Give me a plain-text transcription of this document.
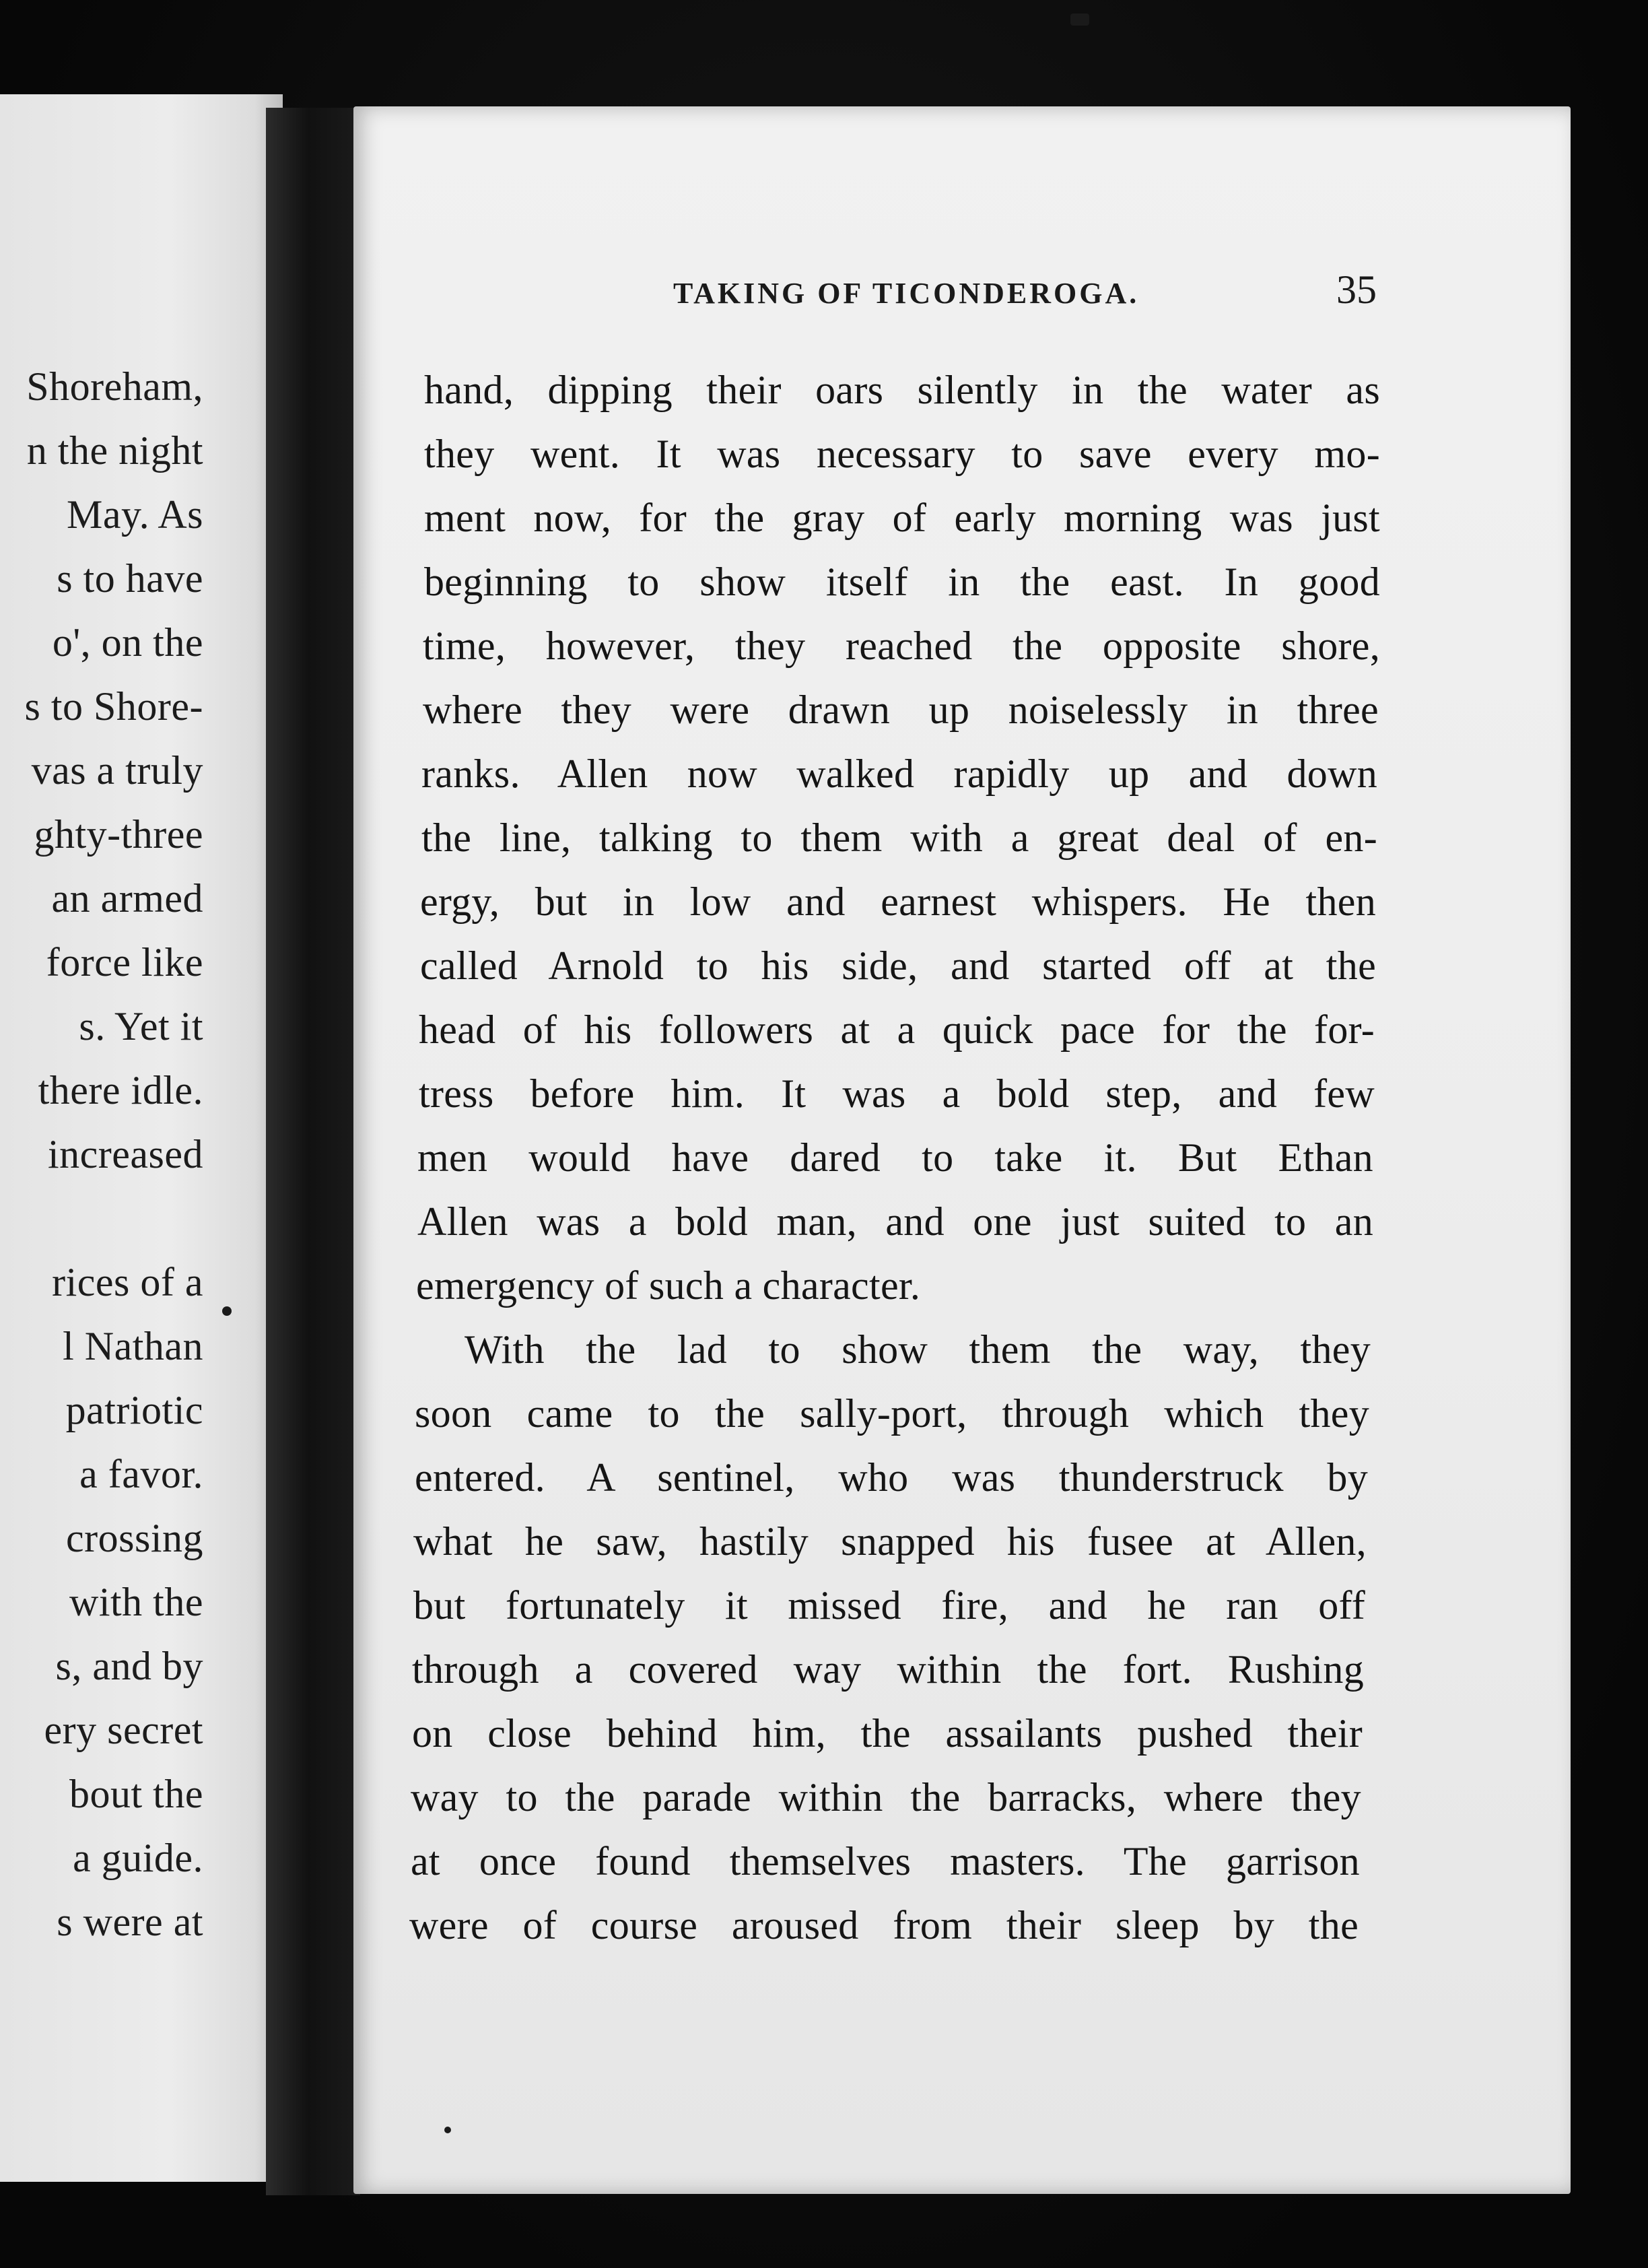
Shoreham,
n the night
May. As
s to have
o', on the
s to Shore-
vas a truly
ghty-three
an armed
force like
s. Yet it
there idle.
increased
rices of a
l Nathan
patriotic
a favor.
crossing
with the
s, and by
ery secret
bout the
a guide.
s were at
TAKING OF TICONDEROGA.	35
hand, dipping their oars silently in the water as
they went. It was necessary to save every mo-
ment now, for the gray of early morning was just
beginning to show itself in the east. In good
time, however, they reached the opposite shore,
where they were drawn up noiselessly in three
ranks. Allen now walked rapidly up and down
the line, talking to them with a great deal of en-
ergy, but in low and earnest whispers. He then
called Arnold to his side, and started off at the
head of his followers at a quick pace for the for-
tress before him. It was a bold step, and few
men would have dared to take it. But Ethan
Allen was a bold man, and one just suited to an
emergency of such a character.
With the lad to show them the way, they
soon came to the sally-port, through which they
entered. A sentinel, who was thunderstruck by
what he saw, hastily snapped his fusee at Allen,
but fortunately it missed fire, and he ran off
through a covered way within the fort. Rushing
on close behind him, the assailants pushed their
way to the parade within the barracks, where they
at once found themselves masters. The garrison
were of course aroused from their sleep by the
